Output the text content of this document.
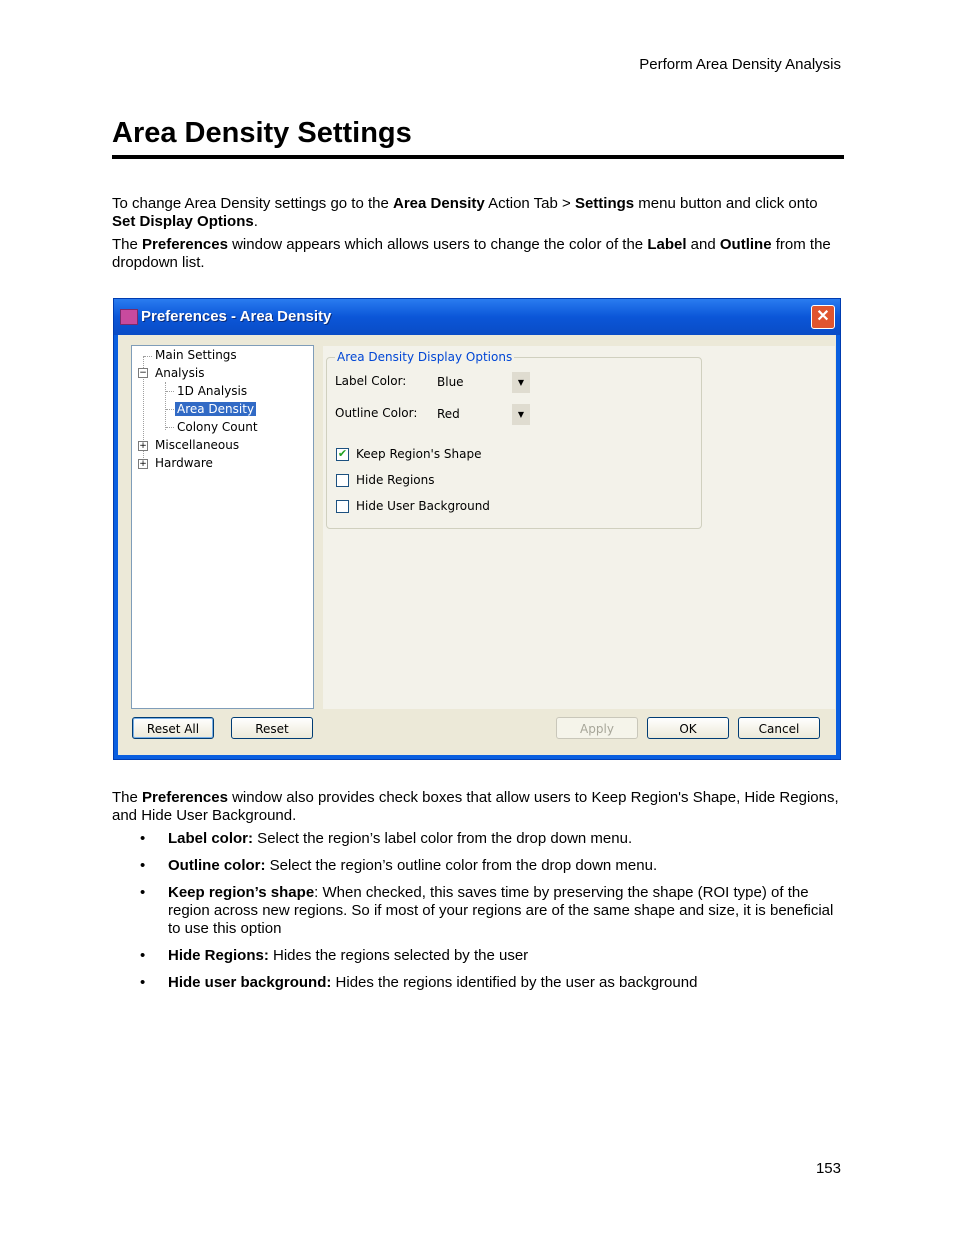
Perform Area Density Analysis
Area Density Settings
To change Area Density settings go to the Area Density Action Tab > Settings menu button and click onto Set Display Options.
The Preferences window appears which allows users to change the color of the Label and Outline from the dropdown list.
Preferences - Area Density	✕
Main Settings
− Analysis
1D Analysis
Area Density
Colony Count
+ Miscellaneous
+ Hardware
Area Density Display Options
Label Color:	Blue	▼
Outline Color: Red	▼
✔ Keep Region's Shape
Hide Regions
Hide User Background
Reset All	Reset	Apply	OK	Cancel
The Preferences window also provides check boxes that allow users to Keep Region's Shape, Hide Regions, and Hide User Background.
• Label color: Select the region’s label color from the drop down menu.
• Outline color: Select the region’s outline color from the drop down menu.
• Keep region’s shape: When checked, this saves time by preserving the shape (ROI type) of the region across new regions. So if most of your regions are of the same shape and size, it is beneficial to use this option
• Hide Regions: Hides the regions selected by the user
• Hide user background: Hides the regions identified by the user as background
153
